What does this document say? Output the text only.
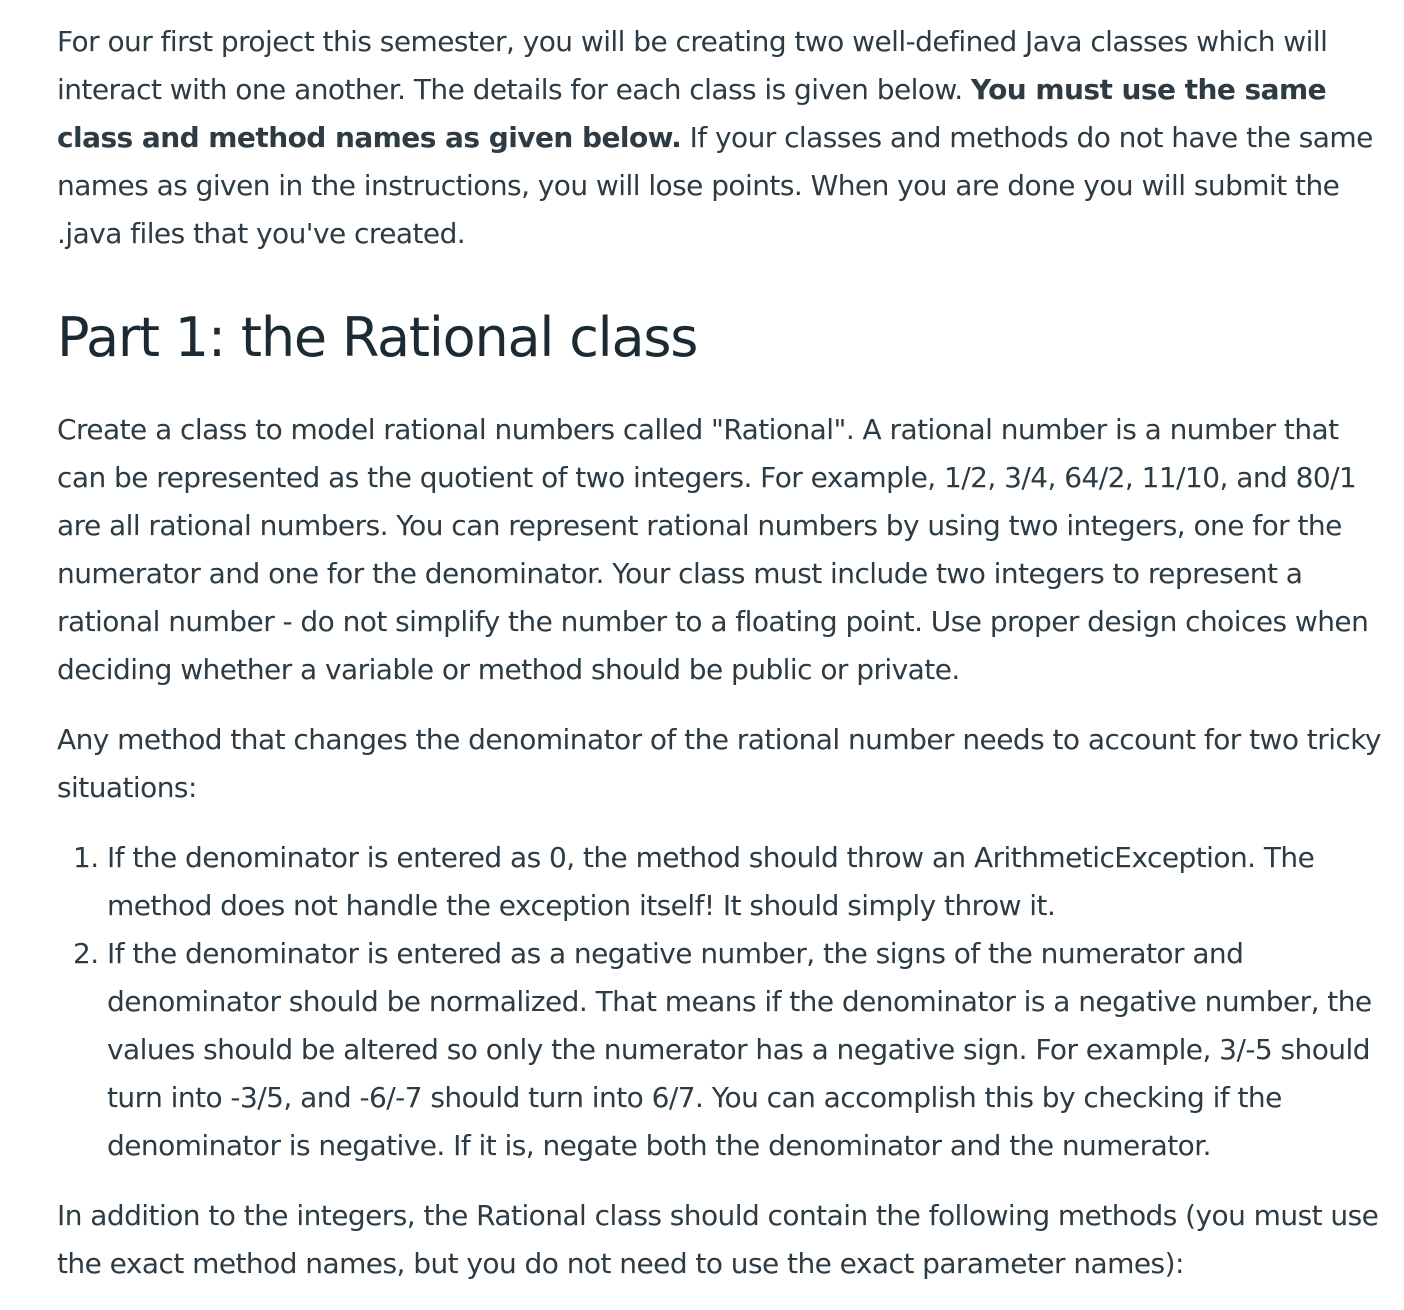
For our first project this semester, you will be creating two well-defined Java classes which will interact with one another. The details for each class is given below. You must use the same class and method names as given below. If your classes and methods do not have the same names as given in the instructions, you will lose points. When you are done you will submit the .java files that you've created.

Part 1: the Rational class

Create a class to model rational numbers called "Rational". A rational number is a number that can be represented as the quotient of two integers. For example, 1/2, 3/4, 64/2, 11/10, and 80/1 are all rational numbers. You can represent rational numbers by using two integers, one for the numerator and one for the denominator. Your class must include two integers to represent a rational number - do not simplify the number to a floating point. Use proper design choices when deciding whether a variable or method should be public or private.

Any method that changes the denominator of the rational number needs to account for two tricky situations:

1. If the denominator is entered as 0, the method should throw an ArithmeticException. The method does not handle the exception itself! It should simply throw it.
2. If the denominator is entered as a negative number, the signs of the numerator and denominator should be normalized. That means if the denominator is a negative number, the values should be altered so only the numerator has a negative sign. For example, 3/-5 should turn into -3/5, and -6/-7 should turn into 6/7. You can accomplish this by checking if the denominator is negative. If it is, negate both the denominator and the numerator.

In addition to the integers, the Rational class should contain the following methods (you must use the exact method names, but you do not need to use the exact parameter names):
